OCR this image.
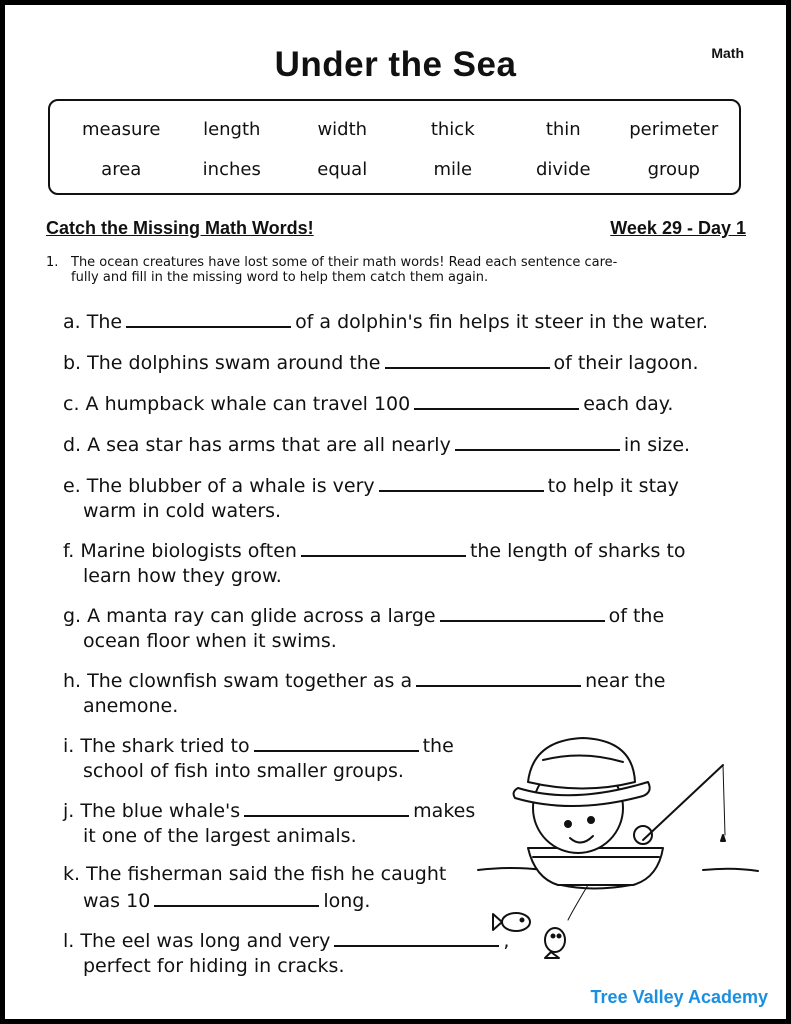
Under the Sea	Math
measure	length	width	thick	thin	perimeter
area	inches	equal	mile	divide	group
Catch the Missing Math Words!	Week 29 - Day 1
1. The ocean creatures have lost some of their math words! Read each sentence care-
fully and fill in the missing word to help them catch them again.
a. The	of a dolphin's fin helps it steer in the water.
b. The dolphins swam around the	of their lagoon.
c. A humpback whale can travel 100	each day.
d. A sea star has arms that are all nearly	in size.
e. The blubber of a whale is very	to help it stay
warm in cold waters.
f. Marine biologists often	the length of sharks to
learn how they grow.
g. A manta ray can glide across a large	of the
ocean floor when it swims.
h. The clownfish swam together as a	near the
anemone.
i. The shark tried to	the
school of fish into smaller groups.
j. The blue whale's	makes
it one of the largest animals.
k. The fisherman said the fish he caught
was 10	long.
l. The eel was long and very	,
perfect for hiding in cracks.
Tree Valley Academy
